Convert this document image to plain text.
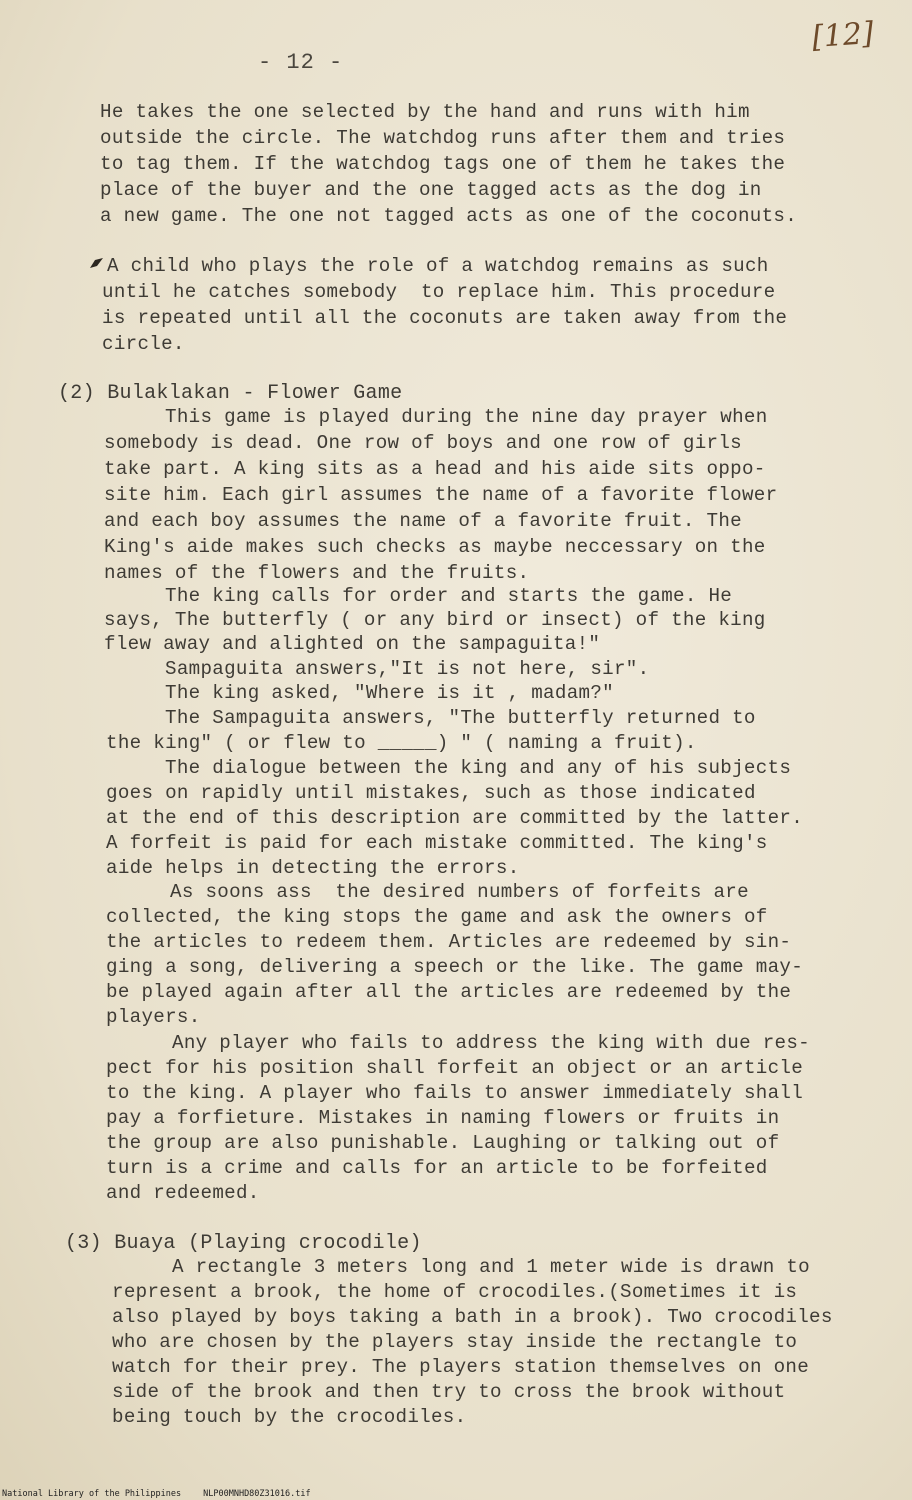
- 12 -
[12]
He takes the one selected by the hand and runs with him
outside the circle. The watchdog runs after them and tries
to tag them. If the watchdog tags one of them he takes the
place of the buyer and the one tagged acts as the dog in
a new game. The one not tagged acts as one of the coconuts.
A child who plays the role of a watchdog remains as such
until he catches somebody  to replace him. This procedure
is repeated until all the coconuts are taken away from the
circle.
(2) Bulaklakan - Flower Game
This game is played during the nine day prayer when
somebody is dead. One row of boys and one row of girls
take part. A king sits as a head and his aide sits oppo-
site him. Each girl assumes the name of a favorite flower
and each boy assumes the name of a favorite fruit. The
King's aide makes such checks as maybe neccessary on the
names of the flowers and the fruits.
The king calls for order and starts the game. He
says, The butterfly ( or any bird or insect) of the king
flew away and alighted on the sampaguita!"
Sampaguita answers,"It is not here, sir".
The king asked, "Where is it , madam?"
The Sampaguita answers, "The butterfly returned to
the king" ( or flew to _____) " ( naming a fruit).
The dialogue between the king and any of his subjects
goes on rapidly until mistakes, such as those indicated
at the end of this description are committed by the latter.
A forfeit is paid for each mistake committed. The king's
aide helps in detecting the errors.
As soons ass  the desired numbers of forfeits are
collected, the king stops the game and ask the owners of
the articles to redeem them. Articles are redeemed by sin-
ging a song, delivering a speech or the like. The game may-
be played again after all the articles are redeemed by the
players.
Any player who fails to address the king with due res-
pect for his position shall forfeit an object or an article
to the king. A player who fails to answer immediately shall
pay a forfieture. Mistakes in naming flowers or fruits in
the group are also punishable. Laughing or talking out of
turn is a crime and calls for an article to be forfeited
and redeemed.
(3) Buaya (Playing crocodile)
A rectangle 3 meters long and 1 meter wide is drawn to
represent a brook, the home of crocodiles.(Sometimes it is
also played by boys taking a bath in a brook). Two crocodiles
who are chosen by the players stay inside the rectangle to
watch for their prey. The players station themselves on one
side of the brook and then try to cross the brook without
being touch by the crocodiles.
National Library of the Philippines	NLP00MNHD80Z31016.tif
